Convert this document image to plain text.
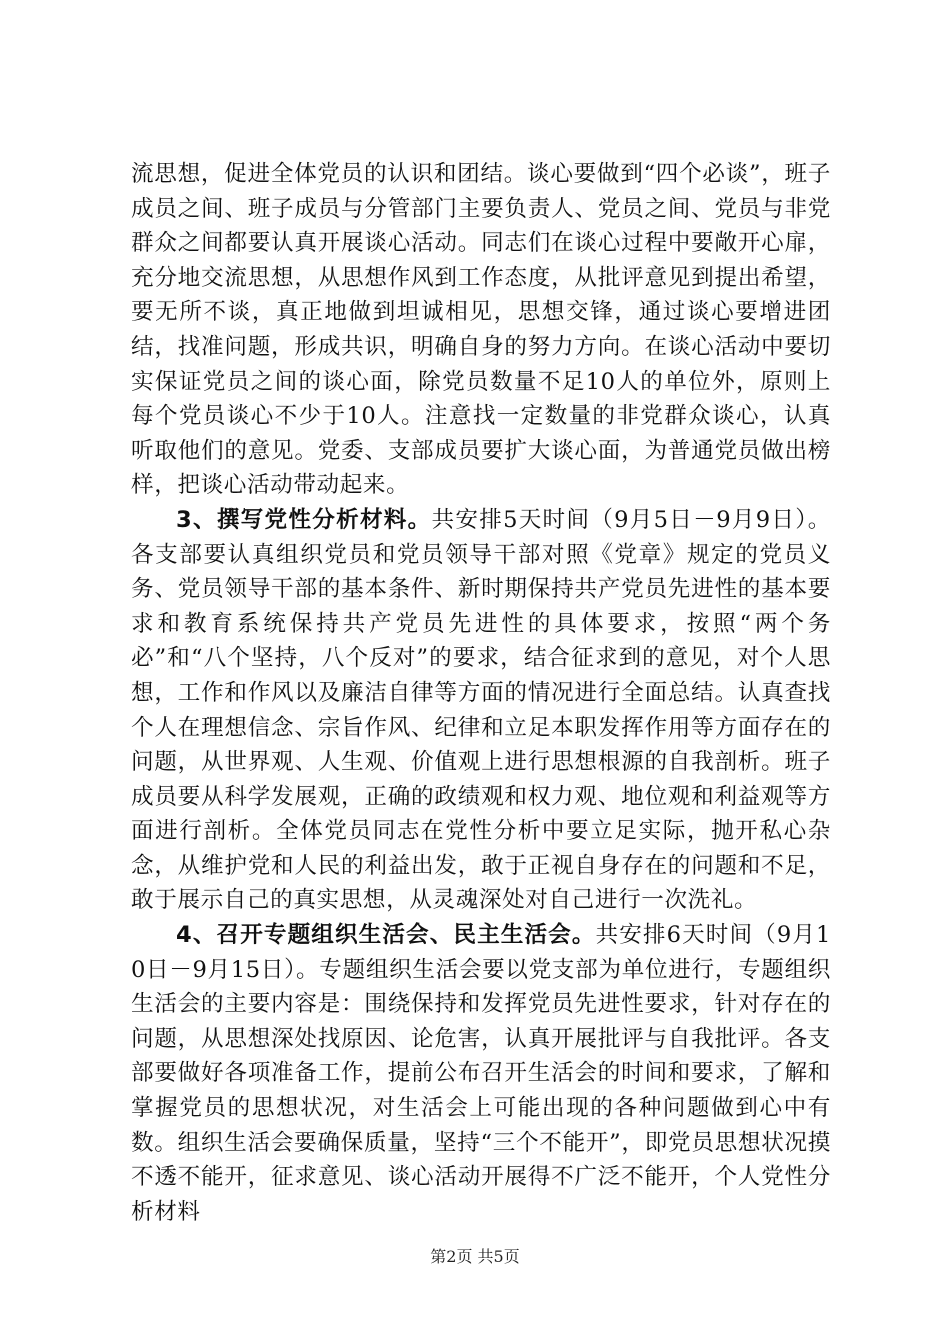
流思想，促进全体党员的认识和团结。谈心要做到“四个必谈”，班子成员之间、班子成员与分管部门主要负责人、党员之间、党员与非党群众之间都要认真开展谈心活动。同志们在谈心过程中要敞开心扉，充分地交流思想，从思想作风到工作态度，从批评意见到提出希望，要无所不谈，真正地做到坦诚相见，思想交锋，通过谈心要增进团结，找准问题，形成共识，明确自身的努力方向。在谈心活动中要切实保证党员之间的谈心面，除党员数量不足10人的单位外，原则上每个党员谈心不少于10人。注意找一定数量的非党群众谈心，认真听取他们的意见。党委、支部成员要扩大谈心面，为普通党员做出榜样，把谈心活动带动起来。

3、撰写党性分析材料。共安排5天时间（9月5日－9月9日）。各支部要认真组织党员和党员领导干部对照《党章》规定的党员义务、党员领导干部的基本条件、新时期保持共产党员先进性的基本要求和教育系统保持共产党员先进性的具体要求，按照“两个务必”和“八个坚持，八个反对”的要求，结合征求到的意见，对个人思想，工作和作风以及廉洁自律等方面的情况进行全面总结。认真查找个人在理想信念、宗旨作风、纪律和立足本职发挥作用等方面存在的问题，从世界观、人生观、价值观上进行思想根源的自我剖析。班子成员要从科学发展观，正确的政绩观和权力观、地位观和利益观等方面进行剖析。全体党员同志在党性分析中要立足实际，抛开私心杂念，从维护党和人民的利益出发，敢于正视自身存在的问题和不足，敢于展示自己的真实思想，从灵魂深处对自己进行一次洗礼。

4、召开专题组织生活会、民主生活会。共安排6天时间（9月10日－9月15日）。专题组织生活会要以党支部为单位进行，专题组织生活会的主要内容是：围绕保持和发挥党员先进性要求，针对存在的问题，从思想深处找原因、论危害，认真开展批评与自我批评。各支部要做好各项准备工作，提前公布召开生活会的时间和要求，了解和掌握党员的思想状况，对生活会上可能出现的各种问题做到心中有数。组织生活会要确保质量，坚持“三个不能开”，即党员思想状况摸不透不能开，征求意见、谈心活动开展得不广泛不能开，个人党性分析材料

第2页 共5页
